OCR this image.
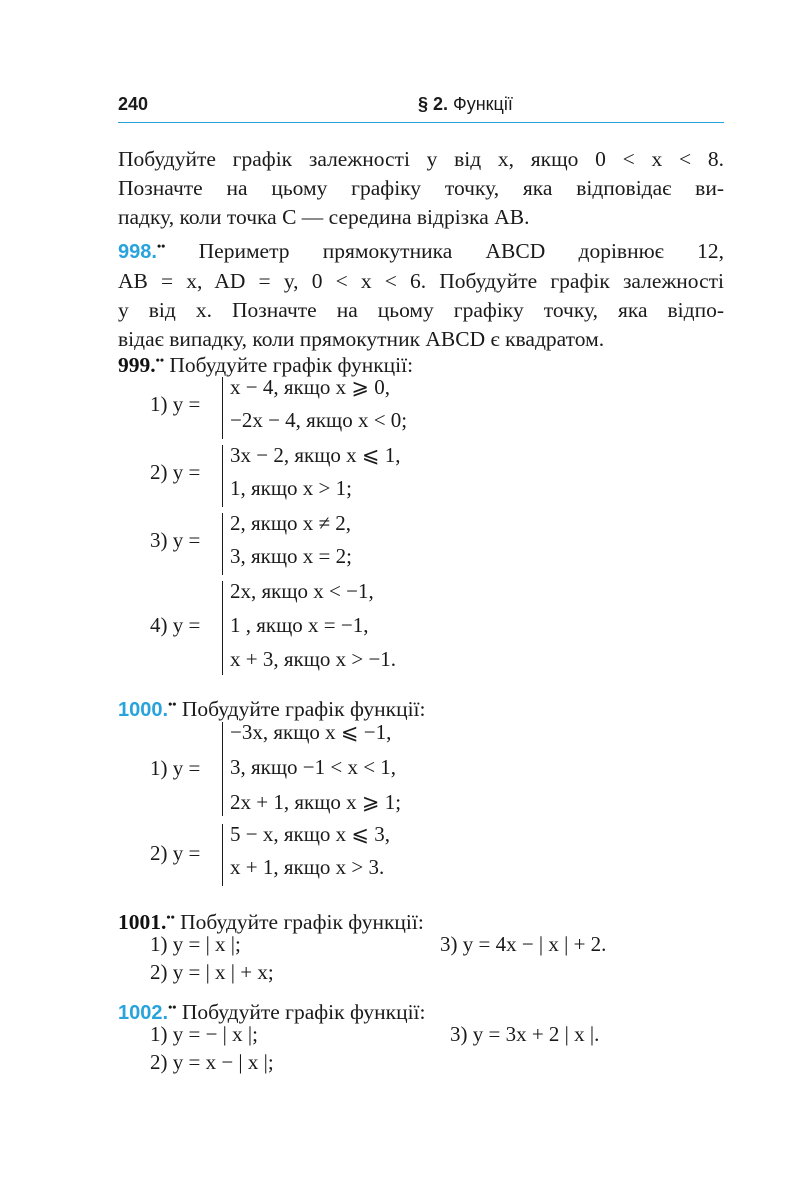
240	§ 2. Функції
Побудуйте графік залежності y від x, якщо 0 < x < 8.
Позначте на цьому графіку точку, яка відповідає ви-
падку, коли точка C — середина відрізка AB.
998.•• Периметр прямокутника ABCD дорівнює 12,
AB = x, AD = y, 0 < x < 6. Побудуйте графік залежності
y від x. Позначте на цьому графіку точку, яка відпо-
відає випадку, коли прямокутник ABCD є квадратом.
999.•• Побудуйте графік функції:
1) y =
x − 4, якщо x ⩾ 0,
−2x − 4, якщо x < 0;
2) y =
3x − 2, якщо x ⩽ 1,
1, якщо x > 1;
3) y =
2, якщо x ≠ 2,
3, якщо x = 2;
4) y =
2x, якщо x < −1,
1 , якщо x = −1,
x + 3, якщо x > −1.
1000.•• Побудуйте графік функції:
1) y =
−3x, якщо x ⩽ −1,
3, якщо −1 < x < 1,
2x + 1, якщо x ⩾ 1;
2) y =
5 − x, якщо x ⩽ 3,
x + 1, якщо x > 3.
1001.•• Побудуйте графік функції:
1) y = | x |;	3) y = 4x − | x | + 2.
2) y = | x | + x;
1002.•• Побудуйте графік функції:
1) y = − | x |;	3) y = 3x + 2 | x |.
2) y = x − | x |;
